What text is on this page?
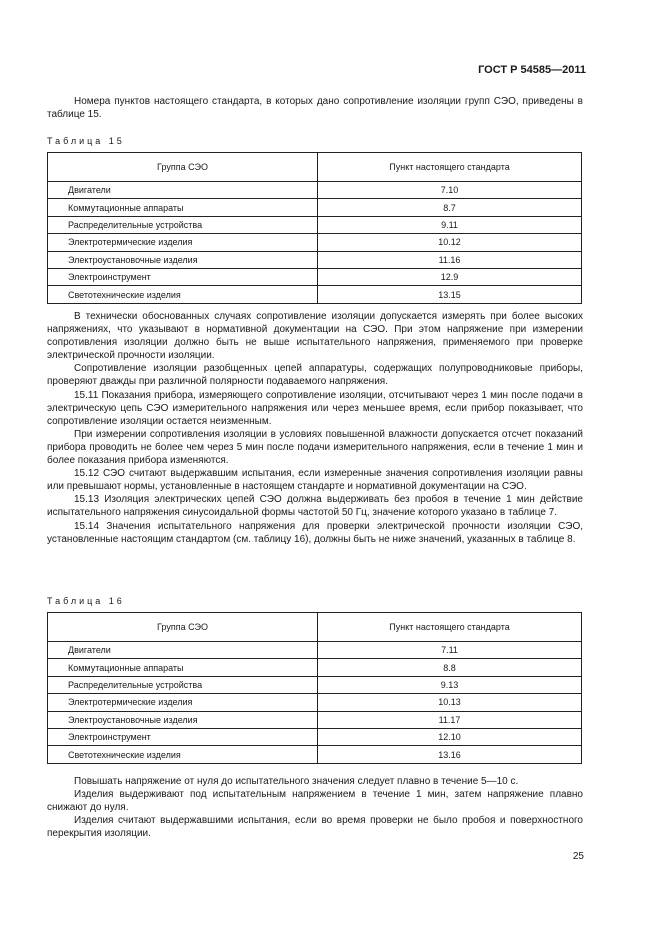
ГОСТ Р 54585—2011

Номера пунктов настоящего стандарта, в которых дано сопротивление изоляции групп СЭО, приведены в таблице 15.

Таблица 15
Группа СЭО	Пункт настоящего стандарта
Двигатели	7.10
Коммутационные аппараты	8.7
Распределительные устройства	9.11
Электротермические изделия	10.12
Электроустановочные изделия	11.16
Электроинструмент	12.9
Светотехнические изделия	13.15

В технически обоснованных случаях сопротивление изоляции допускается измерять при более высоких напряжениях, что указывают в нормативной документации на СЭО. При этом напряжение при измерении сопротивления изоляции должно быть не выше испытательного напряжения, применяемого при проверке электрической прочности изоляции.

Сопротивление изоляции разобщенных цепей аппаратуры, содержащих полупроводниковые приборы, проверяют дважды при различной полярности подаваемого напряжения.

15.11 Показания прибора, измеряющего сопротивление изоляции, отсчитывают через 1 мин после подачи в электрическую цепь СЭО измерительного напряжения или через меньшее время, если прибор показывает, что сопротивление изоляции остается неизменным.

При измерении сопротивления изоляции в условиях повышенной влажности допускается отсчет показаний прибора проводить не более чем через 5 мин после подачи измерительного напряжения, если в течение 1 мин и более показания прибора изменяются.

15.12 СЭО считают выдержавшим испытания, если измеренные значения сопротивления изоляции равны или превышают нормы, установленные в настоящем стандарте и нормативной документации на СЭО.

15.13 Изоляция электрических цепей СЭО должна выдерживать без пробоя в течение 1 мин действие испытательного напряжения синусоидальной формы частотой 50 Гц, значение которого указано в таблице 7.

15.14 Значения испытательного напряжения для проверки электрической прочности изоляции СЭО, установленные настоящим стандартом (см. таблицу 16), должны быть не ниже значений, указанных в таблице 8.

Таблица 16
Группа СЭО	Пункт настоящего стандарта
Двигатели	7.11
Коммутационные аппараты	8.8
Распределительные устройства	9.13
Электротермические изделия	10.13
Электроустановочные изделия	11.17
Электроинструмент	12.10
Светотехнические изделия	13.16

Повышать напряжение от нуля до испытательного значения следует плавно в течение 5—10 с.

Изделия выдерживают под испытательным напряжением в течение 1 мин, затем напряжение плавно снижают до нуля.

Изделия считают выдержавшими испытания, если во время проверки не было пробоя и поверхностного перекрытия изоляции.

25
